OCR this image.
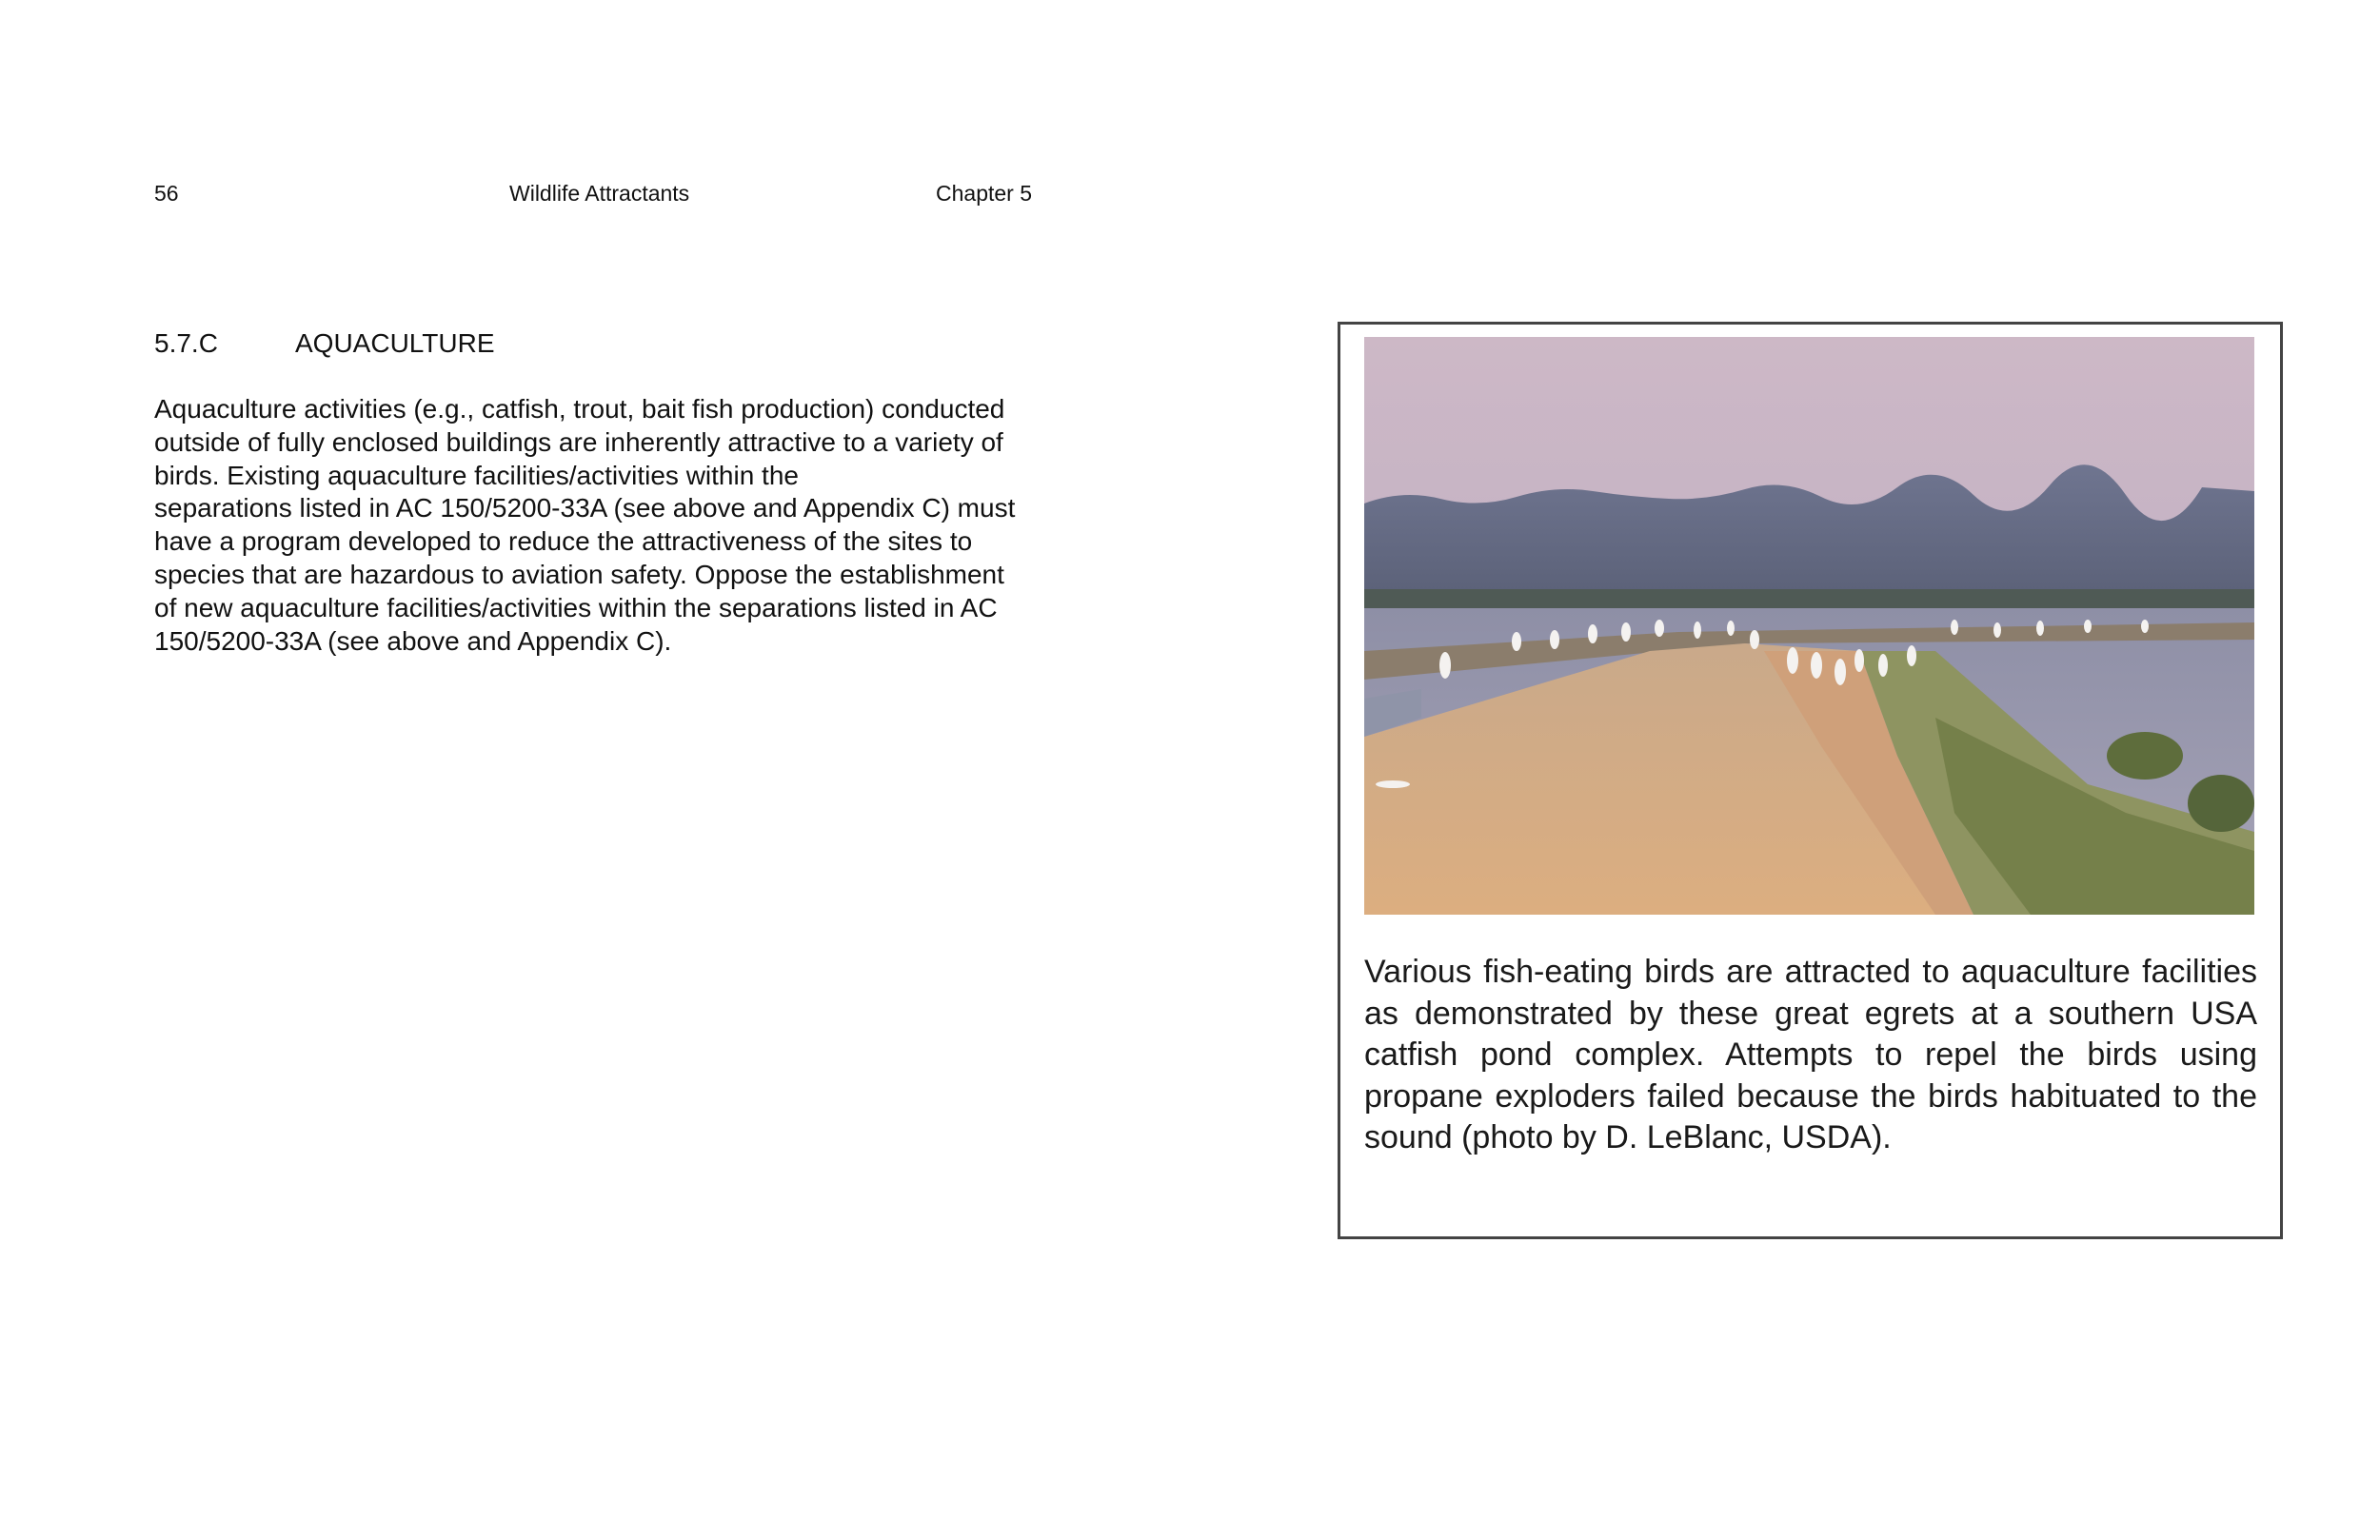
56	Wildlife Attractants	Chapter 5
5.7.C	AQUACULTURE
Aquaculture activities (e.g., catfish, trout, bait fish production) conducted
outside of fully enclosed buildings are inherently attractive to a variety of
birds. Existing aquaculture facilities/activities within the
separations listed in AC 150/5200-33A (see above and Appendix C) must
have a program developed to reduce the attractiveness of the sites to
species that are hazardous to aviation safety. Oppose the establishment
of new aquaculture facilities/activities within the separations listed in AC
150/5200-33A (see above and Appendix C).
Various fish-eating birds are attracted to aquaculture facilities as demonstrated by these great egrets at a southern USA catfish pond complex. Attempts to repel the birds using propane exploders failed because the birds habituated to the sound (photo by D. LeBlanc, USDA).
